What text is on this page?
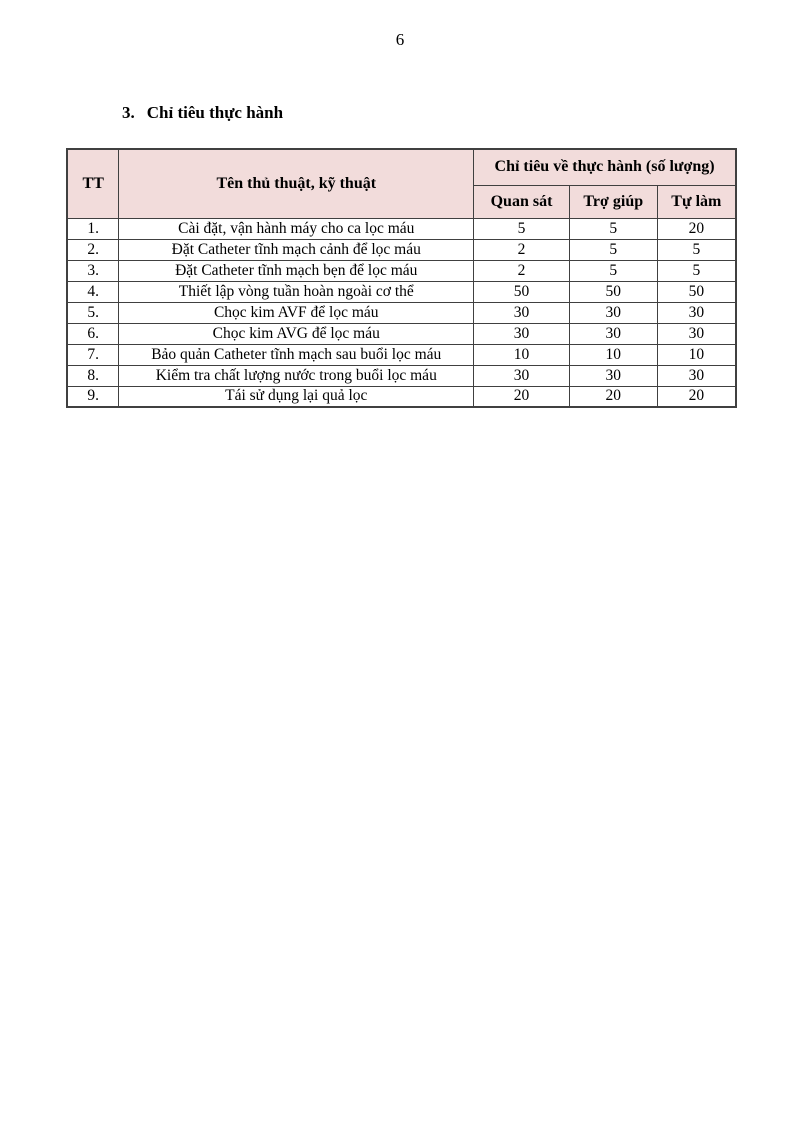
6
3. Chỉ tiêu thực hành
TT	Tên thủ thuật, kỹ thuật	Chỉ tiêu về thực hành (số lượng)		
		Quan sát	Trợ giúp	Tự làm
1.	Cài đặt, vận hành máy cho ca lọc máu	5	5	20
2.	Đặt Catheter tĩnh mạch cảnh để lọc máu	2	5	5
3.	Đặt Catheter tĩnh mạch bẹn để lọc máu	2	5	5
4.	Thiết lập vòng tuần hoàn ngoài cơ thể	50	50	50
5.	Chọc kim AVF để lọc máu	30	30	30
6.	Chọc kim AVG để lọc máu	30	30	30
7.	Bảo quản Catheter tĩnh mạch sau buổi lọc máu	10	10	10
8.	Kiểm tra chất lượng nước trong buổi lọc máu	30	30	30
9.	Tái sử dụng lại quả lọc	20	20	20
